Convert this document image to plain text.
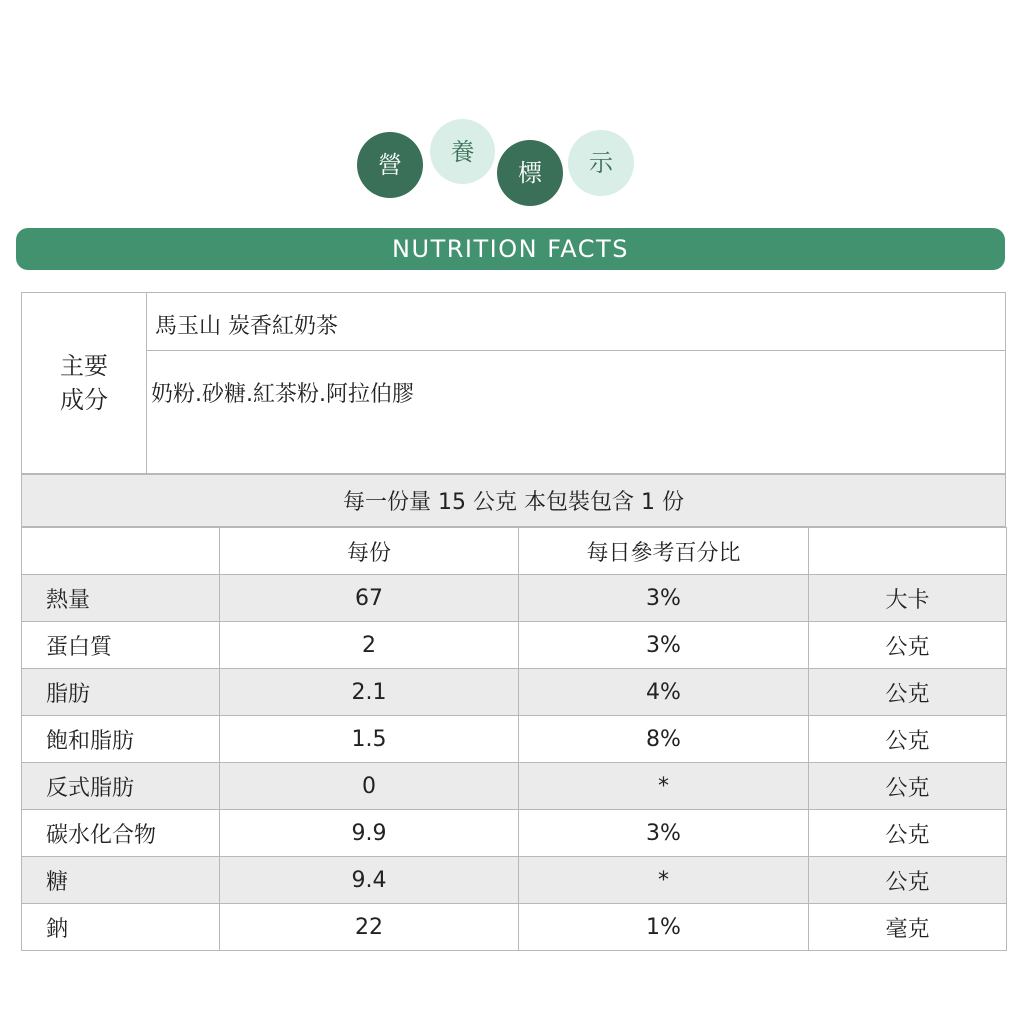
營 養
標 示
NUTRITION FACTS
主要
成分
馬玉山 炭香紅奶茶
奶粉.砂糖.紅茶粉.阿拉伯膠
每一份量 15 公克 本包裝包含 1 份
	每份	每日參考百分比	
熱量	67	3%	大卡
蛋白質	2	3%	公克
脂肪	2.1	4%	公克
飽和脂肪	1.5	8%	公克
反式脂肪	0	*	公克
碳水化合物	9.9	3%	公克
糖	9.4	*	公克
鈉	22	1%	毫克
